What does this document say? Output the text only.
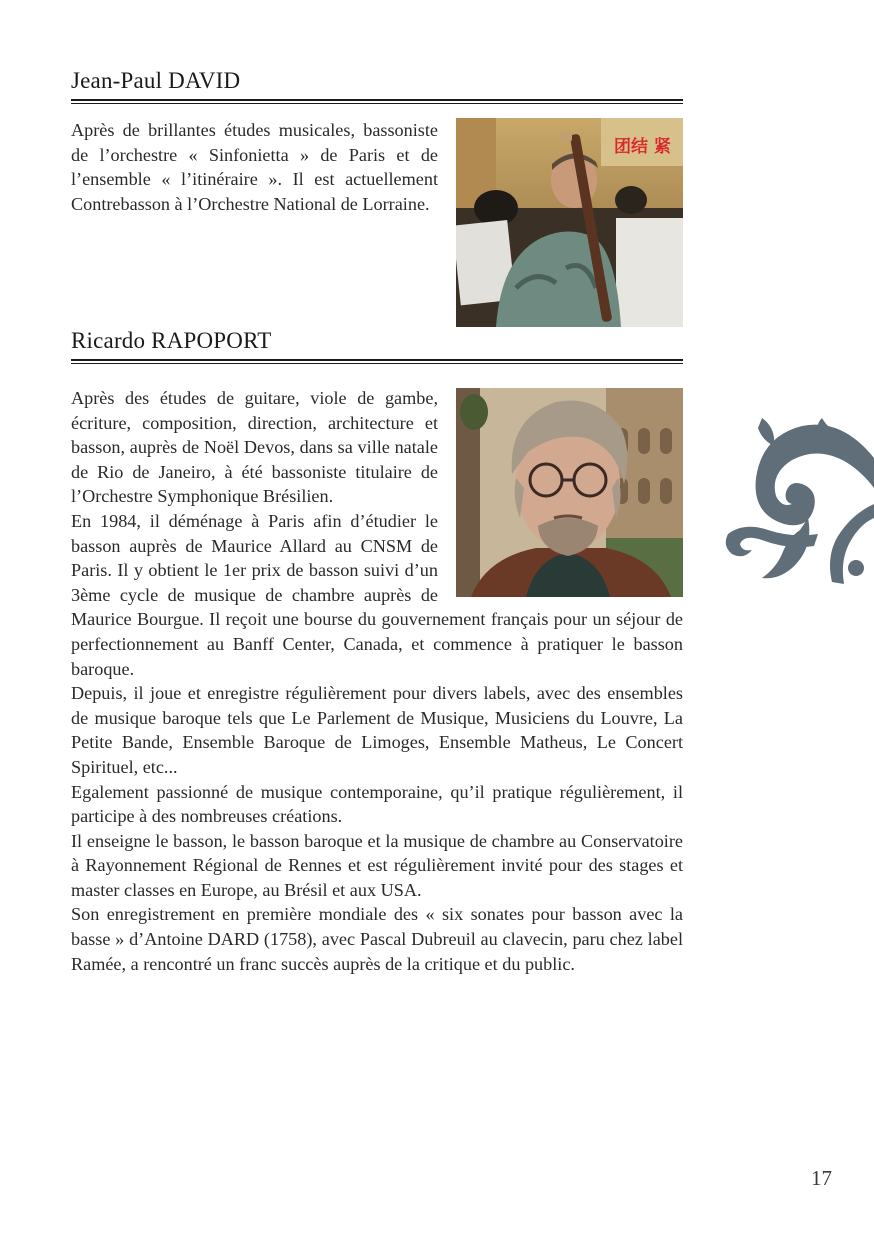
Jean-Paul DAVID
团结 紧

Après de brillantes études musicales, bassoniste de l’orchestre « Sinfonietta » de Paris et de l’ensemble « l’itinéraire ». Il est actuellement Contrebasson à l’Orchestre National de Lorraine.

Ricardo RAPOPORT

Après des études de guitare, viole de gambe, écriture, composition, direction, architecture et basson, auprès de Noël Devos, dans sa ville natale de Rio de Janeiro, à été bassoniste titulaire de l’Orchestre Symphonique Brésilien.
En 1984, il déménage à Paris afin d’étudier le basson auprès de Maurice Allard au CNSM de Paris. Il y obtient le 1er prix de basson suivi d’un 3ème cycle de musique de chambre auprès de Maurice Bourgue. Il reçoit une bourse du gouvernement français pour un séjour de perfectionnement au Banff Center, Canada, et commence à pratiquer le basson baroque.
Depuis, il joue et enregistre régulièrement pour divers labels, avec des ensembles de musique baroque tels que Le Parlement de Musique, Musiciens du Louvre, La Petite Bande, Ensemble Baroque de Limoges, Ensemble Matheus, Le Concert Spirituel, etc...
Egalement passionné de musique contemporaine, qu’il pratique régulièrement, il participe à des nombreuses créations.
Il enseigne le basson, le basson baroque et la musique de chambre au Conservatoire à Rayonnement Régional de Rennes et est régulièrement invité pour des stages et master classes en Europe, au Brésil et aux USA.
Son enregistrement en première mondiale des « six sonates pour basson avec la basse » d’Antoine DARD (1758), avec Pascal Dubreuil au clavecin, paru chez label Ramée, a rencontré un franc succès auprès de la critique et du public.

17
